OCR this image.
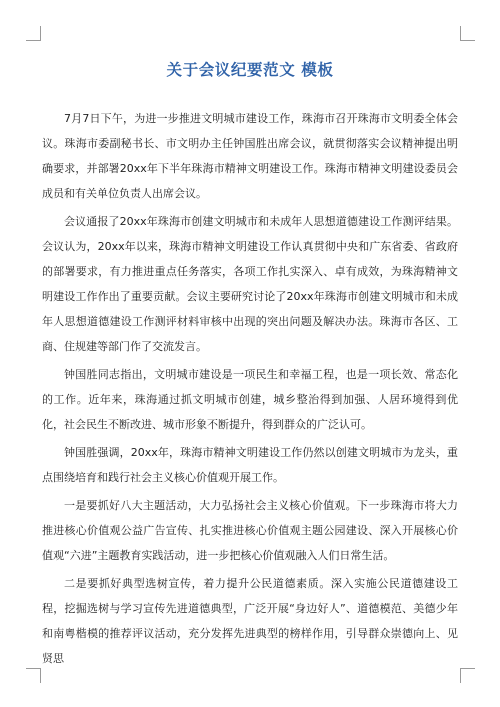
关于会议纪要范文 模板

7月7日下午，为进一步推进文明城市建设工作，珠海市召开珠海市文明委全体会议。珠海市委副秘书长、市文明办主任钟国胜出席会议，就贯彻落实会议精神提出明确要求，并部署20xx年下半年珠海市精神文明建设工作。珠海市精神文明建设委员会成员和有关单位负责人出席会议。

会议通报了20xx年珠海市创建文明城市和未成年人思想道德建设工作测评结果。会议认为，20xx年以来，珠海市精神文明建设工作认真贯彻中央和广东省委、省政府的部署要求，有力推进重点任务落实，各项工作扎实深入、卓有成效，为珠海精神文明建设工作作出了重要贡献。会议主要研究讨论了20xx年珠海市创建文明城市和未成年人思想道德建设工作测评材料审核中出现的突出问题及解决办法。珠海市各区、工商、住规建等部门作了交流发言。

钟国胜同志指出，文明城市建设是一项民生和幸福工程，也是一项长效、常态化的工作。近年来，珠海通过抓文明城市创建，城乡整治得到加强、人居环境得到优化，社会民生不断改进、城市形象不断提升，得到群众的广泛认可。

钟国胜强调，20xx年，珠海市精神文明建设工作仍然以创建文明城市为龙头，重点围绕培育和践行社会主义核心价值观开展工作。

一是要抓好八大主题活动，大力弘扬社会主义核心价值观。下一步珠海市将大力推进核心价值观公益广告宣传、扎实推进核心价值观主题公园建设、深入开展核心价值观“六进”主题教育实践活动，进一步把核心价值观融入人们日常生活。

二是要抓好典型选树宣传，着力提升公民道德素质。深入实施公民道德建设工程，挖掘选树与学习宣传先进道德典型，广泛开展“身边好人”、道德模范、美德少年和南粤楷模的推荐评议活动，充分发挥先进典型的榜样作用，引导群众崇德向上、见贤思
